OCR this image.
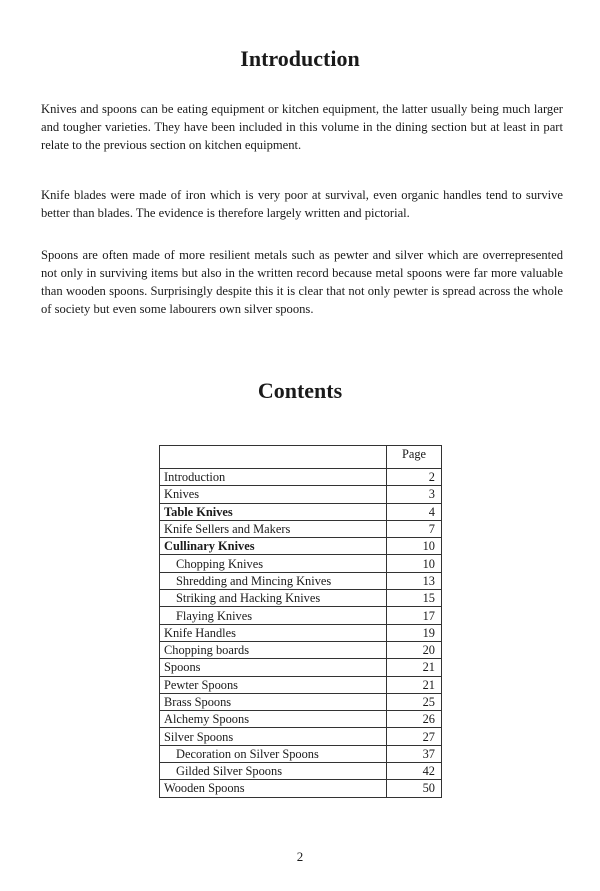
Introduction

Knives and spoons can be eating equipment or kitchen equipment, the latter usually being much larger and tougher varieties. They have been included in this volume in the dining section but at least in part relate to the previous section on kitchen equipment.

Knife blades were made of iron which is very poor at survival, even organic handles tend to survive better than blades. The evidence is therefore largely written and pictorial.

Spoons are often made of more resilient metals such as pewter and silver which are overrepresented not only in surviving items but also in the written record because metal spoons were far more valuable than wooden spoons. Surprisingly despite this it is clear that not only pewter is spread across the whole of society but even some labourers own silver spoons.

Contents
	Page
Introduction	2
Knives	3
Table Knives	4
Knife Sellers and Makers	7
Cullinary Knives	10
Chopping Knives	10
Shredding and Mincing Knives	13
Striking and Hacking Knives	15
Flaying Knives	17
Knife Handles	19
Chopping boards	20
Spoons	21
Pewter Spoons	21
Brass Spoons	25
Alchemy Spoons	26
Silver Spoons	27
Decoration on Silver Spoons	37
Gilded Silver Spoons	42
Wooden Spoons	50
2
